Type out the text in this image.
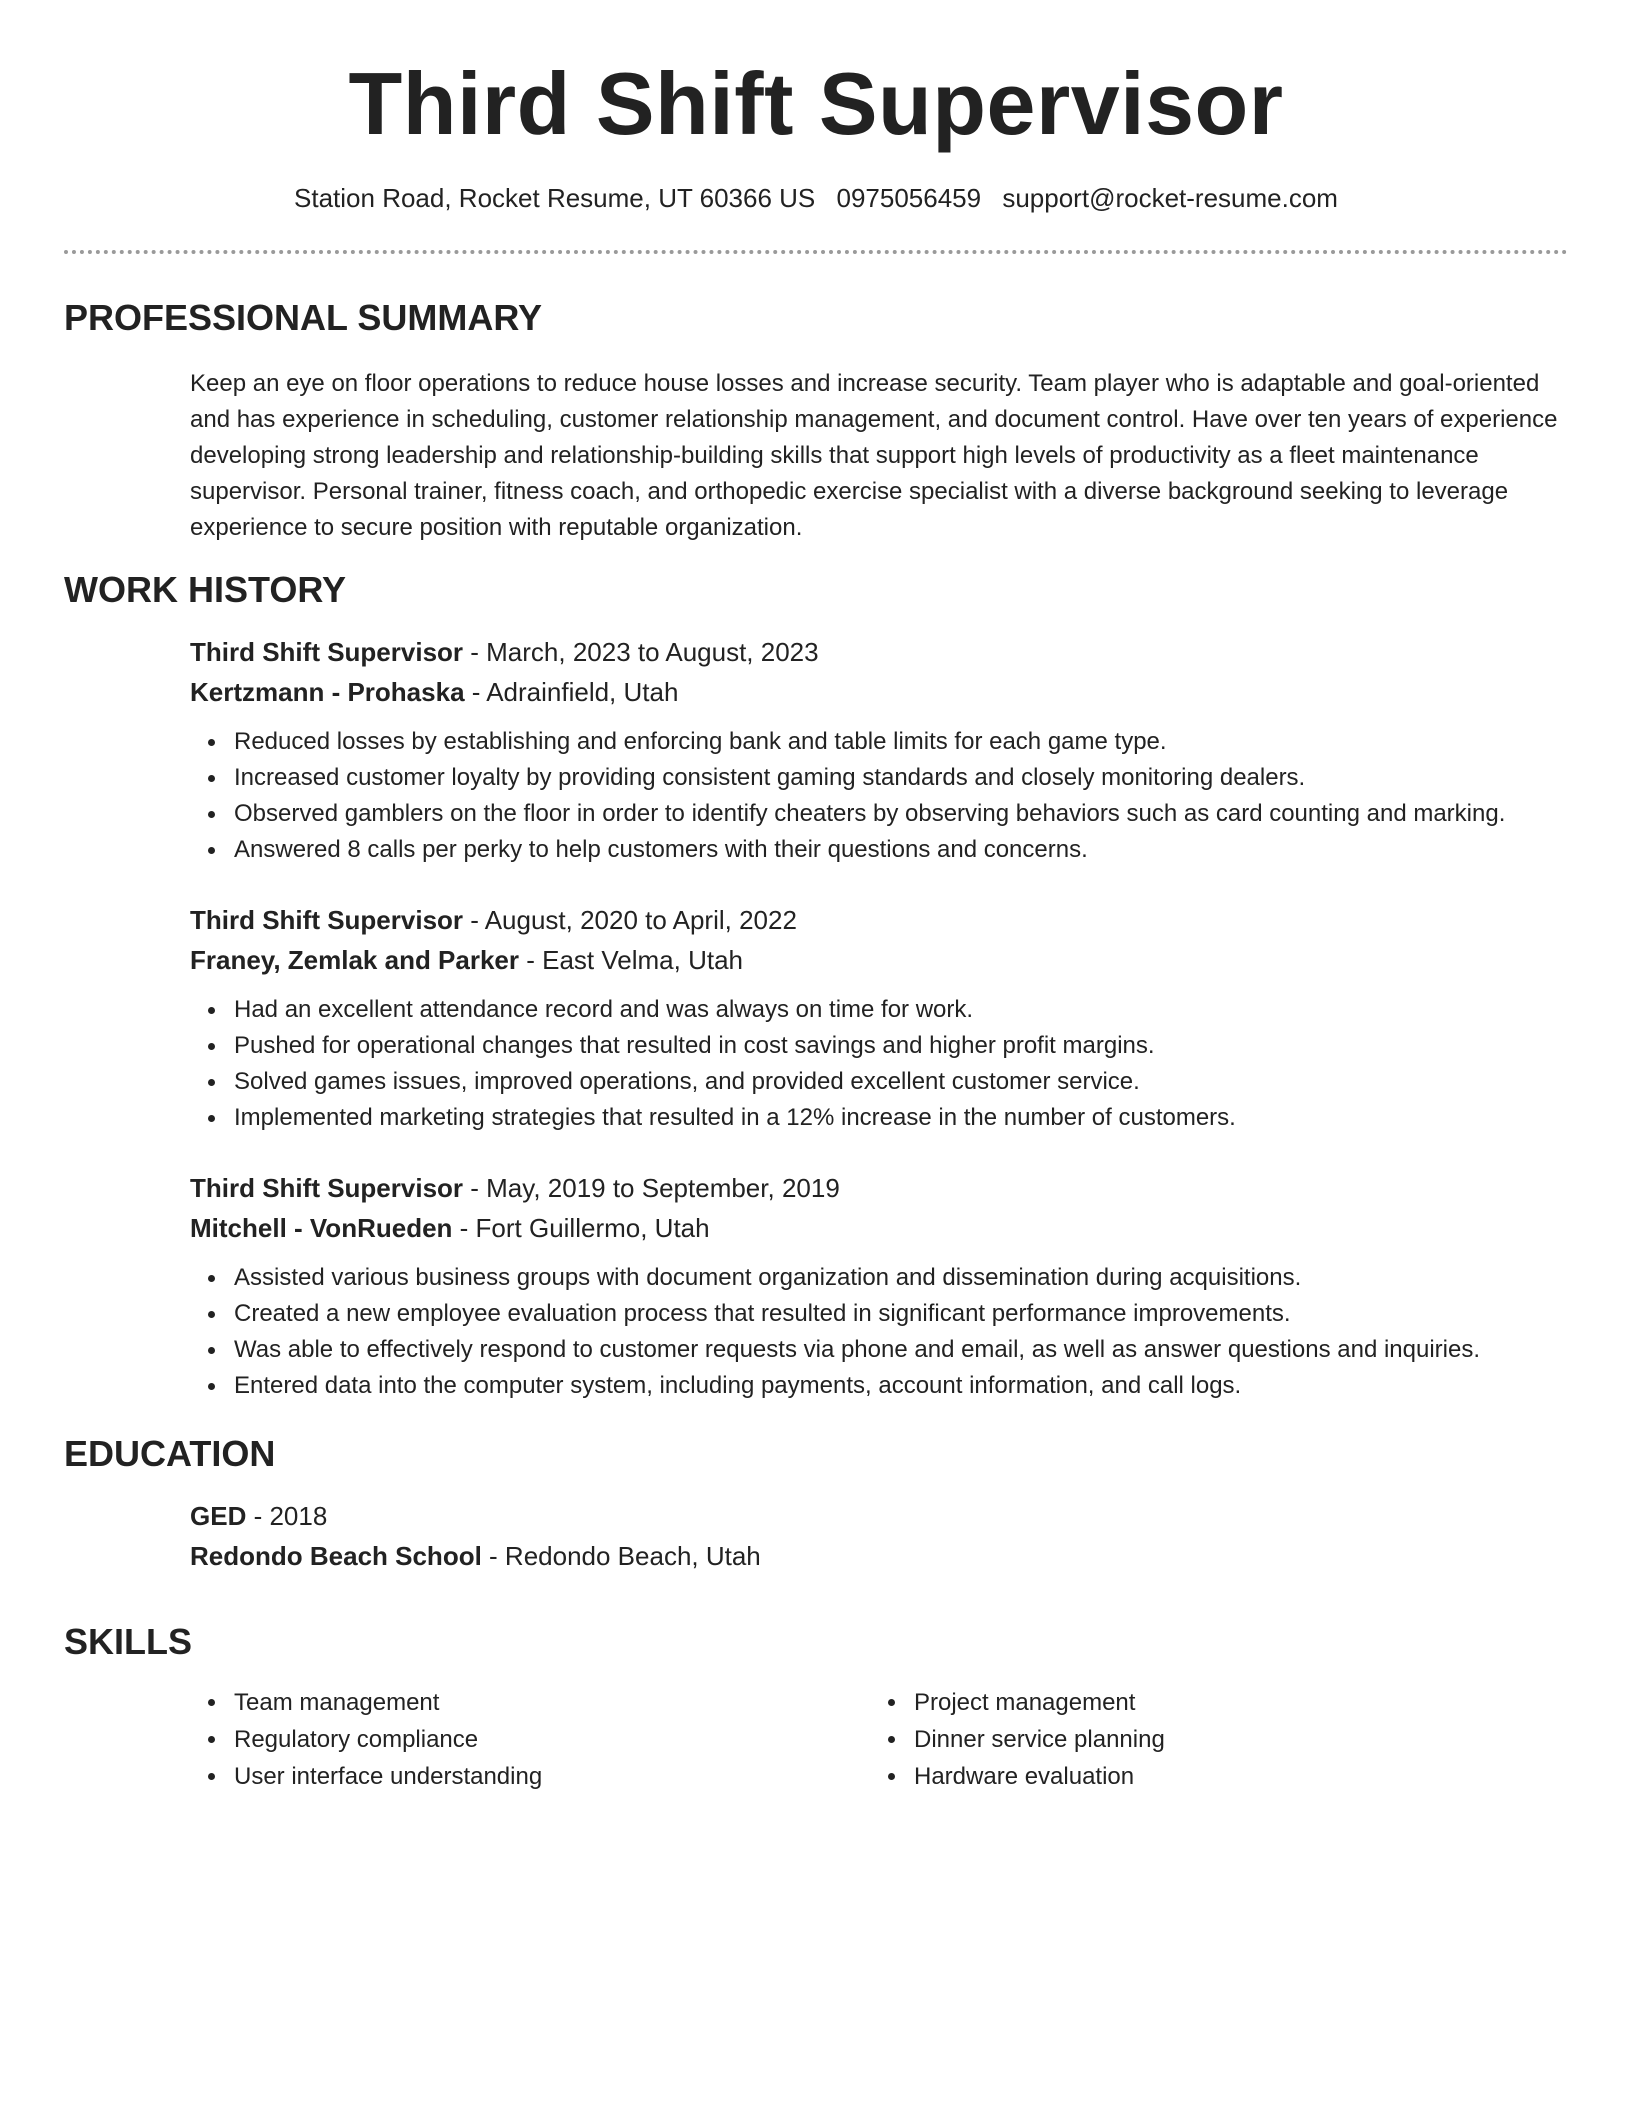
Third Shift Supervisor
Station Road, Rocket Resume, UT 60366 US 0975056459 support@rocket-resume.com
PROFESSIONAL SUMMARY
Keep an eye on floor operations to reduce house losses and increase security. Team player who is adaptable and goal-oriented and has experience in scheduling, customer relationship management, and document control. Have over ten years of experience developing strong leadership and relationship-building skills that support high levels of productivity as a fleet maintenance supervisor. Personal trainer, fitness coach, and orthopedic exercise specialist with a diverse background seeking to leverage experience to secure position with reputable organization.
WORK HISTORY
Third Shift Supervisor - March, 2023 to August, 2023
Kertzmann - Prohaska - Adrainfield, Utah
Reduced losses by establishing and enforcing bank and table limits for each game type.
Increased customer loyalty by providing consistent gaming standards and closely monitoring dealers.
Observed gamblers on the floor in order to identify cheaters by observing behaviors such as card counting and marking.
Answered 8 calls per perky to help customers with their questions and concerns.
Third Shift Supervisor - August, 2020 to April, 2022
Franey, Zemlak and Parker - East Velma, Utah
Had an excellent attendance record and was always on time for work.
Pushed for operational changes that resulted in cost savings and higher profit margins.
Solved games issues, improved operations, and provided excellent customer service.
Implemented marketing strategies that resulted in a 12% increase in the number of customers.
Third Shift Supervisor - May, 2019 to September, 2019
Mitchell - VonRueden - Fort Guillermo, Utah
Assisted various business groups with document organization and dissemination during acquisitions.
Created a new employee evaluation process that resulted in significant performance improvements.
Was able to effectively respond to customer requests via phone and email, as well as answer questions and inquiries.
Entered data into the computer system, including payments, account information, and call logs.
EDUCATION
GED - 2018
Redondo Beach School - Redondo Beach, Utah
SKILLS
Team management
Regulatory compliance
User interface understanding
Project management
Dinner service planning
Hardware evaluation
